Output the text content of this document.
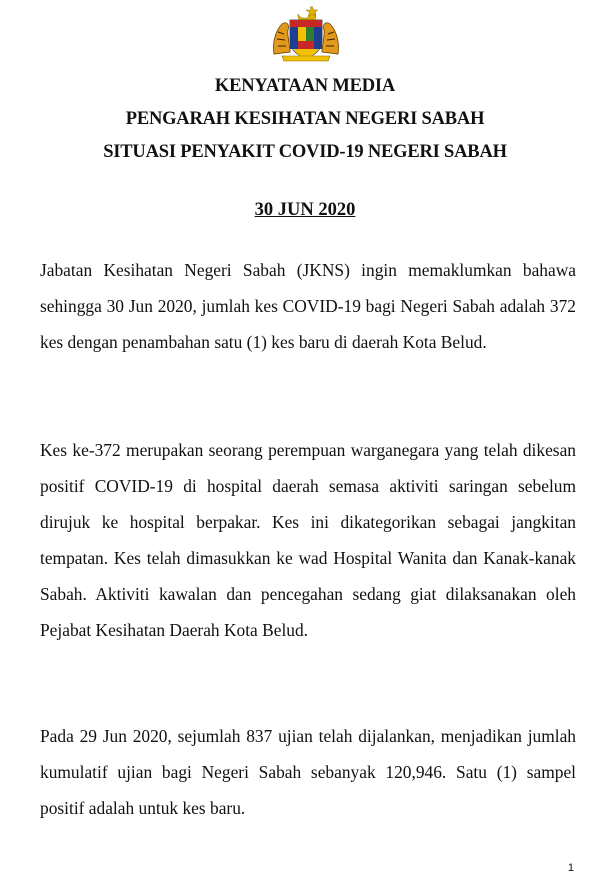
KENYATAAN MEDIA
PENGARAH KESIHATAN NEGERI SABAH
SITUASI PENYAKIT COVID-19 NEGERI SABAH
30 JUN 2020

Jabatan Kesihatan Negeri Sabah (JKNS) ingin memaklumkan bahawa sehingga 30 Jun 2020, jumlah kes COVID-19 bagi Negeri Sabah adalah 372 kes dengan penambahan satu (1) kes baru di daerah Kota Belud.

Kes ke-372 merupakan seorang perempuan warganegara yang telah dikesan positif COVID-19 di hospital daerah semasa aktiviti saringan sebelum dirujuk ke hospital berpakar. Kes ini dikategorikan sebagai jangkitan tempatan. Kes telah dimasukkan ke wad Hospital Wanita dan Kanak-kanak Sabah. Aktiviti kawalan dan pencegahan sedang giat dilaksanakan oleh Pejabat Kesihatan Daerah Kota Belud.

Pada 29 Jun 2020, sejumlah 837 ujian telah dijalankan, menjadikan jumlah kumulatif ujian bagi Negeri Sabah sebanyak 120,946. Satu (1) sampel positif adalah untuk kes baru.

1
